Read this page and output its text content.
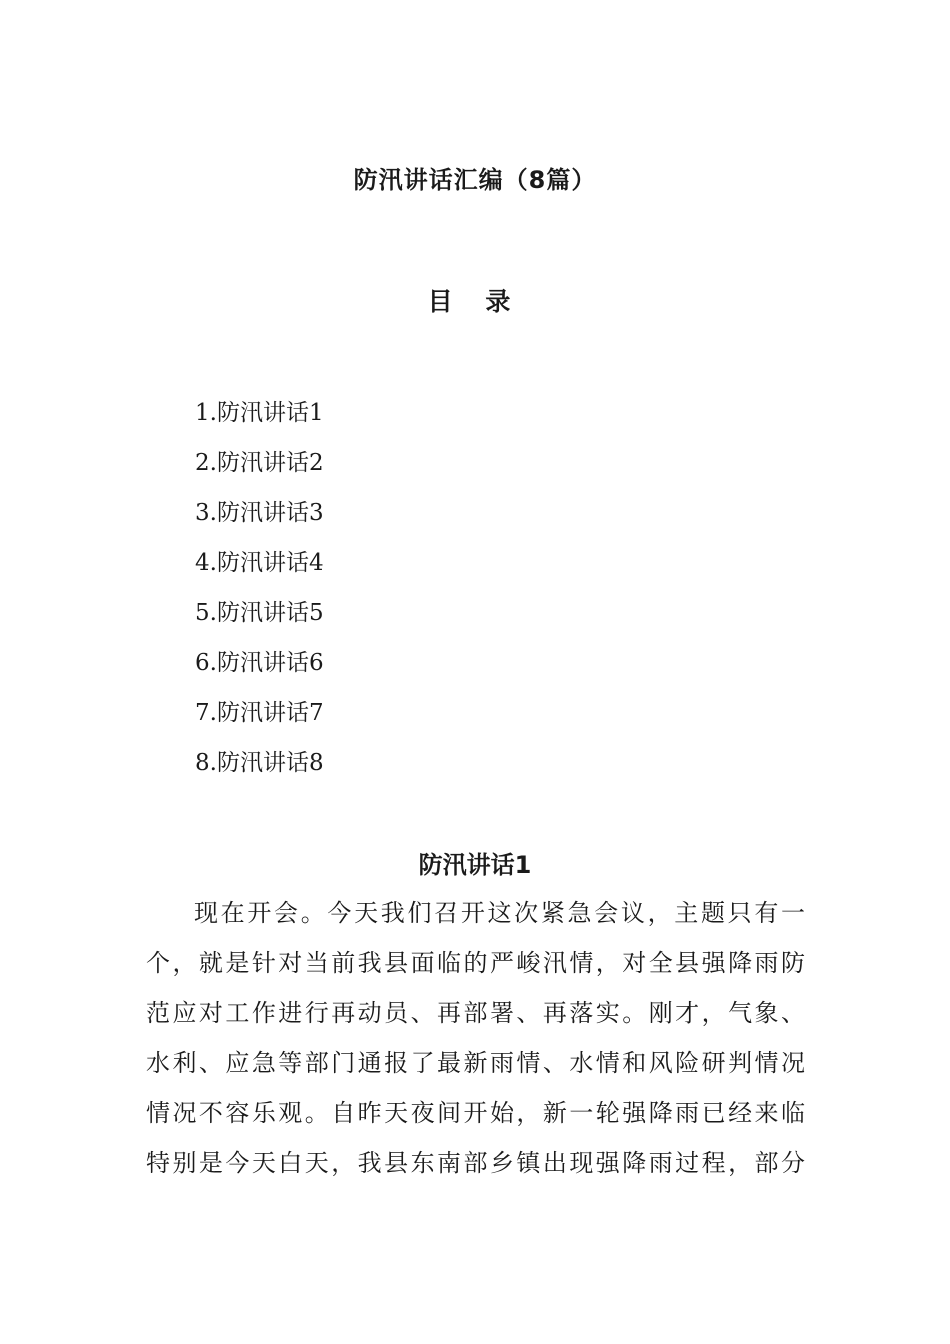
防汛讲话汇编（8篇）
目 录
1.防汛讲话1
2.防汛讲话2
3.防汛讲话3
4.防汛讲话4
5.防汛讲话5
6.防汛讲话6
7.防汛讲话7
8.防汛讲话8
防汛讲话1
现在开会。今天我们召开这次紧急会议，主题只有一
个，就是针对当前我县面临的严峻汛情，对全县强降雨防
范应对工作进行再动员、再部署、再落实。刚才，气象、
水利、应急等部门通报了最新雨情、水情和风险研判情况
情况不容乐观。自昨天夜间开始，新一轮强降雨已经来临
特别是今天白天，我县东南部乡镇出现强降雨过程，部分
